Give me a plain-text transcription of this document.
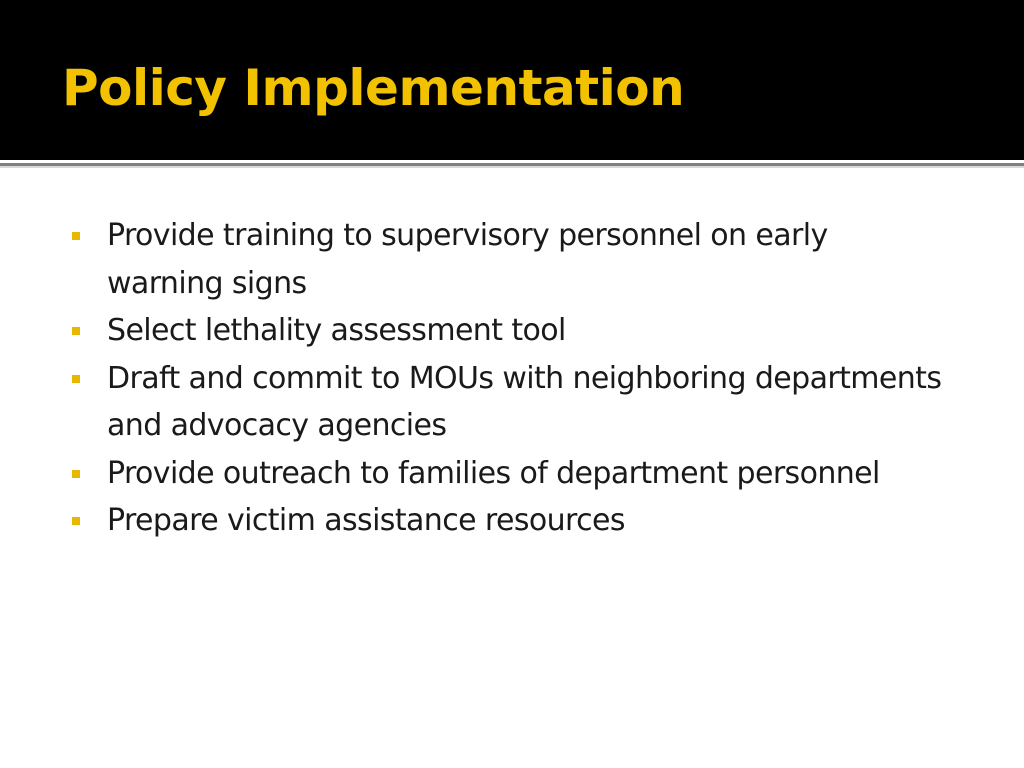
Policy Implementation
Provide training to supervisory personnel on early warning signs
Select lethality assessment tool
Draft and commit to MOUs with neighboring departments and advocacy agencies
Provide outreach to families of department personnel
Prepare victim assistance resources
